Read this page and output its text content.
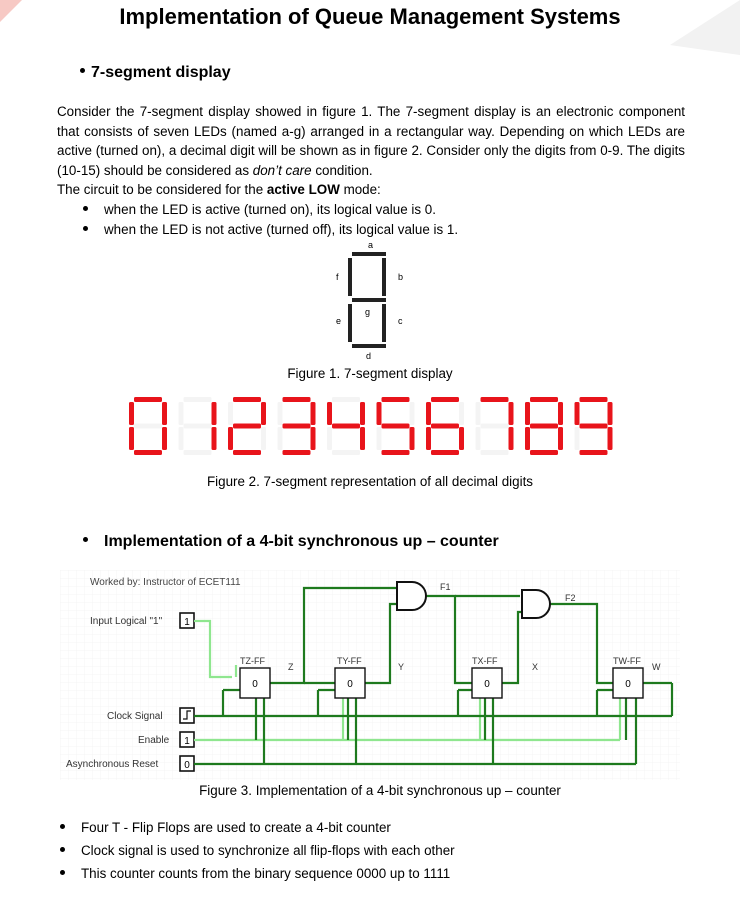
Implementation of Queue Management Systems
7-segment display
Consider the 7-segment display showed in figure 1. The 7-segment display is an electronic component that consists of seven LEDs (named a-g) arranged in a rectangular way. Depending on which LEDs are active (turned on), a decimal digit will be shown as in figure 2. Consider only the digits from 0-9. The digits (10-15) should be considered as don’t care condition.
The circuit to be considered for the active LOW mode:
when the LED is active (turned on), its logical value is 0.
when the LED is not active (turned off), its logical value is 1.
a
b
c
d
e
f
g
Figure 1. 7-segment display
Figure 2. 7-segment representation of all decimal digits
Implementation of a 4-bit synchronous up – counter
Worked by: Instructor of ECET111	F1
F2
0
TZ-FF
Z
0
TY-FF
Y
0
TX-FF
X
0
TW-FF
W
Input Logical "1" 1
Clock Signal
Enable 1
Asynchronous Reset	0
Figure 3. Implementation of a 4-bit synchronous up – counter
Four T - Flip Flops are used to create a 4-bit counter
Clock signal is used to synchronize all flip-flops with each other
This counter counts from the binary sequence 0000 up to 1111
